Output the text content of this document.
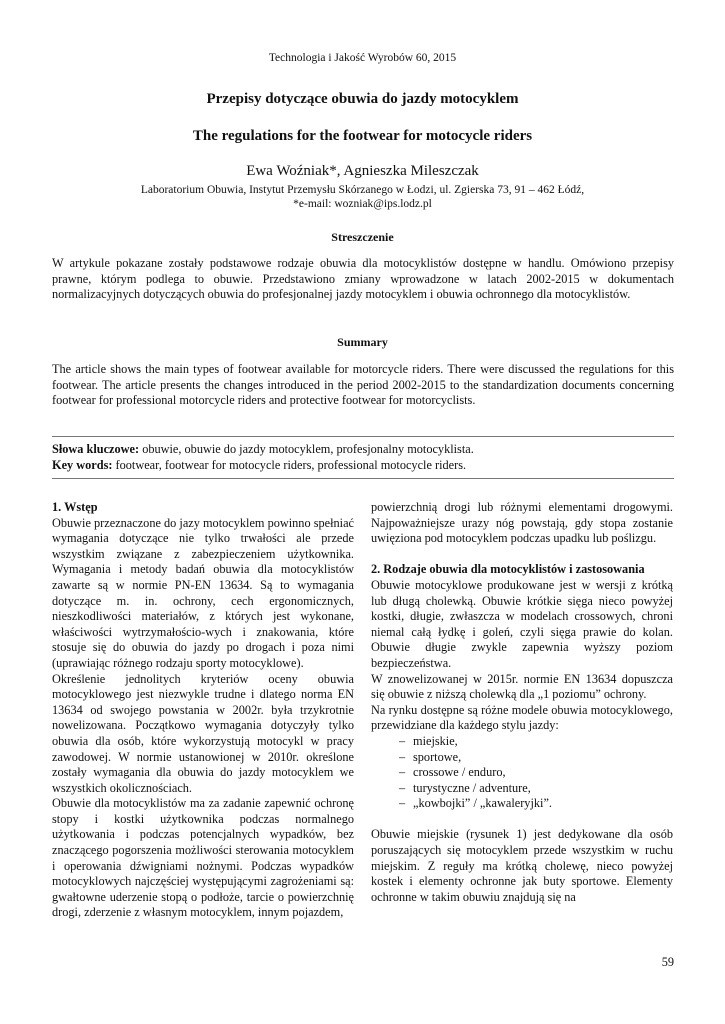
Technologia i Jakość Wyrobów 60, 2015
Przepisy dotyczące obuwia do jazdy motocyklem
The regulations for the footwear for motocycle riders
Ewa Woźniak*, Agnieszka Mileszczak
Laboratorium Obuwia, Instytut Przemysłu Skórzanego w Łodzi, ul. Zgierska 73, 91 – 462 Łódź,
*e-mail: wozniak@ips.lodz.pl
Streszczenie
W artykule pokazane zostały podstawowe rodzaje obuwia dla motocyklistów dostępne w handlu. Omówiono przepisy prawne, którym podlega to obuwie. Przedstawiono zmiany wprowadzone w latach 2002-2015 w dokumentach normalizacyjnych dotyczących obuwia do profesjonalnej jazdy motocyklem i obuwia ochronnego dla motocyklistów.
Summary
The article shows the main types of footwear available for motorcycle riders. There were discussed the regulations for this footwear. The article presents the changes introduced in the period 2002-2015 to the standardization documents concerning footwear for professional motorcycle riders and protective footwear for motorcyclists.
Słowa kluczowe: obuwie, obuwie do jazdy motocyklem, profesjonalny motocyklista.
Key words: footwear, footwear for motocycle riders, professional motocycle riders.
1. Wstęp

Obuwie przeznaczone do jazy motocyklem powinno spełniać wymagania dotyczące nie tylko trwałości ale przede wszystkim związane z zabezpieczeniem użytkownika. Wymagania i metody badań obuwia dla motocyklistów zawarte są w normie PN-EN 13634. Są to wymagania dotyczące m. in. ochrony, cech ergonomicznych, nieszkodliwości materiałów, z których jest wykonane, właściwości wytrzymałościo-wych i znakowania, które stosuje się do obuwia do jazdy po drogach i poza nimi (uprawiając różnego rodzaju sporty motocyklowe).

Określenie jednolitych kryteriów oceny obuwia motocyklowego jest niezwykle trudne i dlatego norma EN 13634 od swojego powstania w 2002r. była trzykrotnie nowelizowana. Początkowo wymagania dotyczyły tylko obuwia dla osób, które wykorzystują motocykl w pracy zawodowej. W normie ustanowionej w 2010r. określone zostały wymagania dla obuwia do jazdy motocyklem we wszystkich okolicznościach.

Obuwie dla motocyklistów ma za zadanie zapewnić ochronę stopy i kostki użytkownika podczas normalnego użytkowania i podczas potencjalnych wypadków, bez znaczącego pogorszenia możliwości sterowania motocyklem i operowania dźwigniami nożnymi. Podczas wypadków motocyklowych najczęściej występującymi zagrożeniami są: gwałtowne uderzenie stopą o podłoże, tarcie o powierzchnię drogi, zderzenie z własnym motocyklem, innym pojazdem,

powierzchnią drogi lub różnymi elementami drogowymi. Najpoważniejsze urazy nóg powstają, gdy stopa zostanie uwięziona pod motocyklem podczas upadku lub poślizgu.

2. Rodzaje obuwia dla motocyklistów i zastosowania

Obuwie motocyklowe produkowane jest w wersji z krótką lub długą cholewką. Obuwie krótkie sięga nieco powyżej kostki, długie, zwłaszcza w modelach crossowych, chroni niemal całą łydkę i goleń, czyli sięga prawie do kolan. Obuwie długie zwykle zapewnia wyższy poziom bezpieczeństwa.

W znowelizowanej w 2015r. normie EN 13634 dopuszcza się obuwie z niższą cholewką dla „1 poziomu” ochrony.

Na rynku dostępne są różne modele obuwia motocyklowego, przewidziane dla każdego stylu jazdy:

– miejskie,
– sportowe,
– crossowe / enduro,
– turystyczne / adventure,
– „kowbojki” / „kawaleryjki”.

Obuwie miejskie (rysunek 1) jest dedykowane dla osób poruszających się motocyklem przede wszystkim w ruchu miejskim. Z reguły ma krótką cholewę, nieco powyżej kostek i elementy ochronne jak buty sportowe. Elementy ochronne w takim obuwiu znajdują się na

59
